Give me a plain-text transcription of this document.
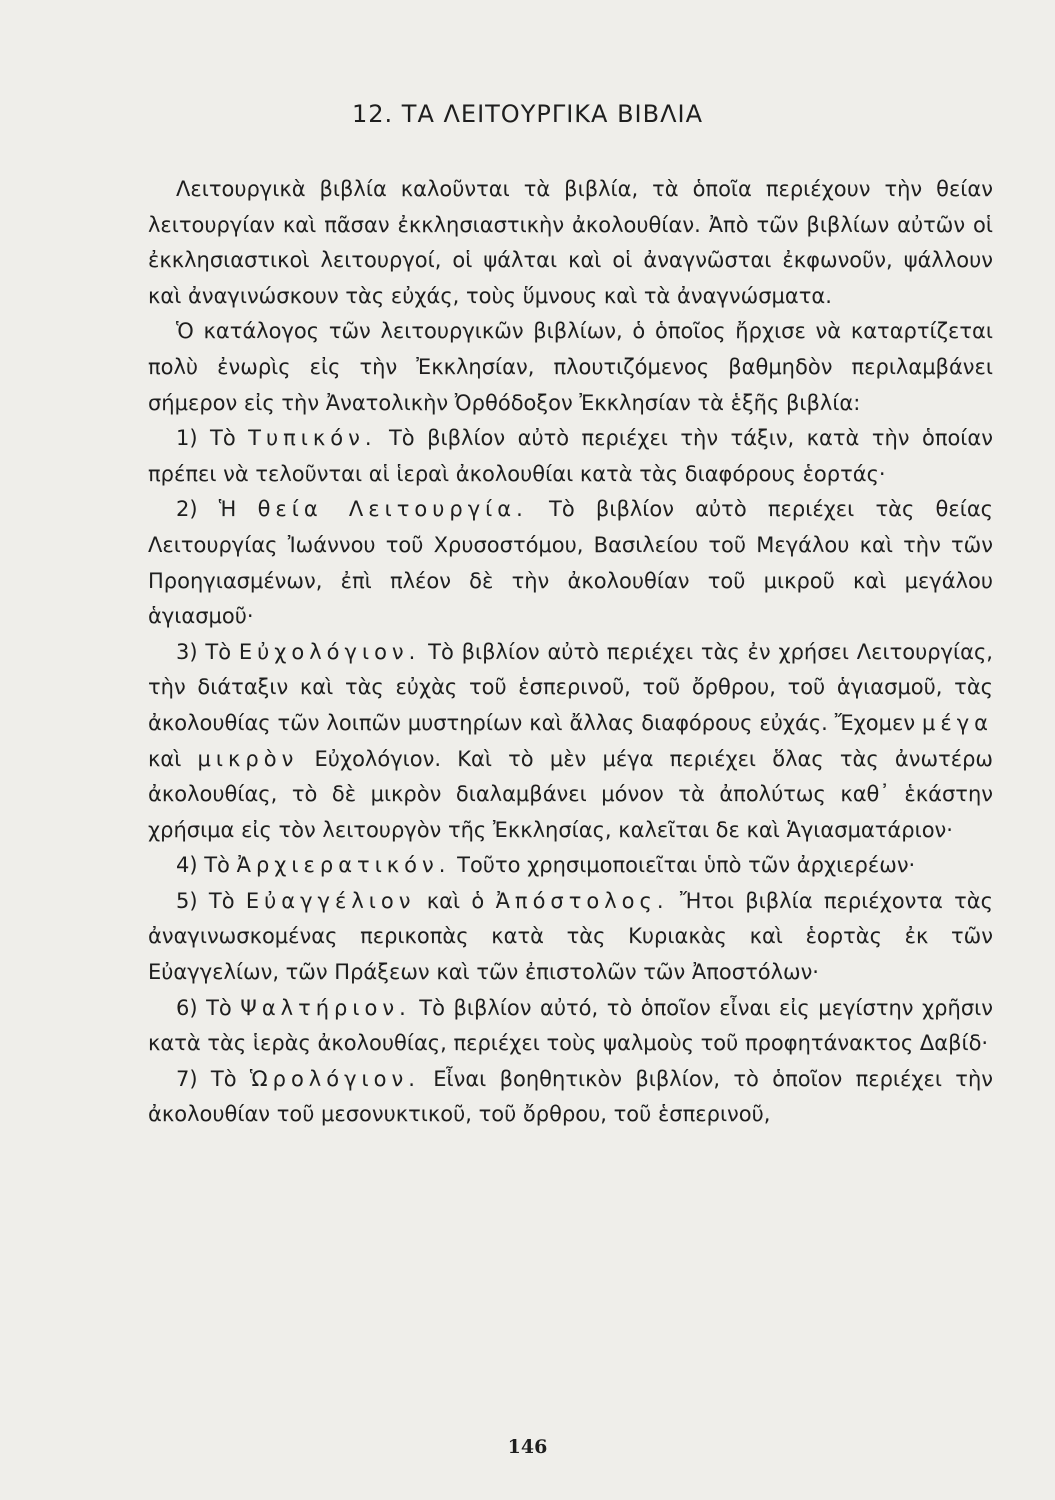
12. ΤΑ ΛΕΙΤΟΥΡΓΙΚΑ ΒΙΒΛΙΑ

Λειτουργικὰ βιβλία καλοῦνται τὰ βιβλία, τὰ ὁποῖα περιέχουν τὴν θείαν λειτουργίαν καὶ πᾶσαν ἐκκλησιαστικὴν ἀκολουθίαν. Ἀπὸ τῶν βιβλίων αὐτῶν οἱ ἐκκλησιαστικοὶ λειτουργοί, οἱ ψάλται καὶ οἱ ἀναγνῶσται ἐκφωνοῦν, ψάλλουν καὶ ἀναγινώσκουν τὰς εὐχάς, τοὺς ὕμνους καὶ τὰ ἀναγνώσματα.

Ὁ κατάλογος τῶν λειτουργικῶν βιβλίων, ὁ ὁποῖος ἤρχισε νὰ καταρτίζεται πολὺ ἐνωρὶς εἰς τὴν Ἐκκλησίαν, πλουτιζόμενος βαθμηδὸν περιλαμβάνει σήμερον εἰς τὴν Ἀνατολικὴν Ὀρθόδοξον Ἐκκλησίαν τὰ ἑξῆς βιβλία:

1) Τὸ Τυπικόν. Τὸ βιβλίον αὐτὸ περιέχει τὴν τάξιν, κατὰ τὴν ὁποίαν πρέπει νὰ τελοῦνται αἱ ἱεραὶ ἀκολουθίαι κατὰ τὰς διαφόρους ἑορτάς·

2) Ἡ θεία Λειτουργία. Τὸ βιβλίον αὐτὸ περιέχει τὰς θείας Λειτουργίας Ἰωάννου τοῦ Χρυσοστόμου, Βασιλείου τοῦ Μεγάλου καὶ τὴν τῶν Προηγιασμένων, ἐπὶ πλέον δὲ τὴν ἀκολουθίαν τοῦ μικροῦ καὶ μεγάλου ἁγιασμοῦ·

3) Τὸ Εὐχολόγιον. Τὸ βιβλίον αὐτὸ περιέχει τὰς ἐν χρήσει Λειτουργίας, τὴν διάταξιν καὶ τὰς εὐχὰς τοῦ ἑσπερινοῦ, τοῦ ὄρθρου, τοῦ ἁγιασμοῦ, τὰς ἀκολουθίας τῶν λοιπῶν μυστηρίων καὶ ἄλλας διαφόρους εὐχάς. Ἔχομεν μέγα καὶ μικρὸν Εὐχολόγιον. Καὶ τὸ μὲν μέγα περιέχει ὅλας τὰς ἀνωτέρω ἀκολουθίας, τὸ δὲ μικρὸν διαλαμβάνει μόνον τὰ ἀπολύτως καθ᾽ ἑκάστην χρήσιμα εἰς τὸν λειτουργὸν τῆς Ἐκκλησίας, καλεῖται δε καὶ Ἁγιασματάριον·

4) Τὸ Ἀρχιερατικόν. Τοῦτο χρησιμοποιεῖται ὑπὸ τῶν ἀρχιερέων·

5) Τὸ Εὐαγγέλιον καὶ ὁ Ἀπόστολος. Ἤτοι βιβλία περιέχοντα τὰς ἀναγινωσκομένας περικοπὰς κατὰ τὰς Κυριακὰς καὶ ἑορτὰς ἐκ τῶν Εὐαγγελίων, τῶν Πράξεων καὶ τῶν ἐπιστολῶν τῶν Ἀποστόλων·

6) Τὸ Ψαλτήριον. Τὸ βιβλίον αὐτό, τὸ ὁποῖον εἶναι εἰς μεγίστην χρῆσιν κατὰ τὰς ἱερὰς ἀκολουθίας, περιέχει τοὺς ψαλμοὺς τοῦ προφητάνακτος Δαβίδ·

7) Τὸ Ὡρολόγιον. Εἶναι βοηθητικὸν βιβλίον, τὸ ὁποῖον περιέχει τὴν ἀκολουθίαν τοῦ μεσονυκτικοῦ, τοῦ ὄρθρου, τοῦ ἑσπερινοῦ,

146
